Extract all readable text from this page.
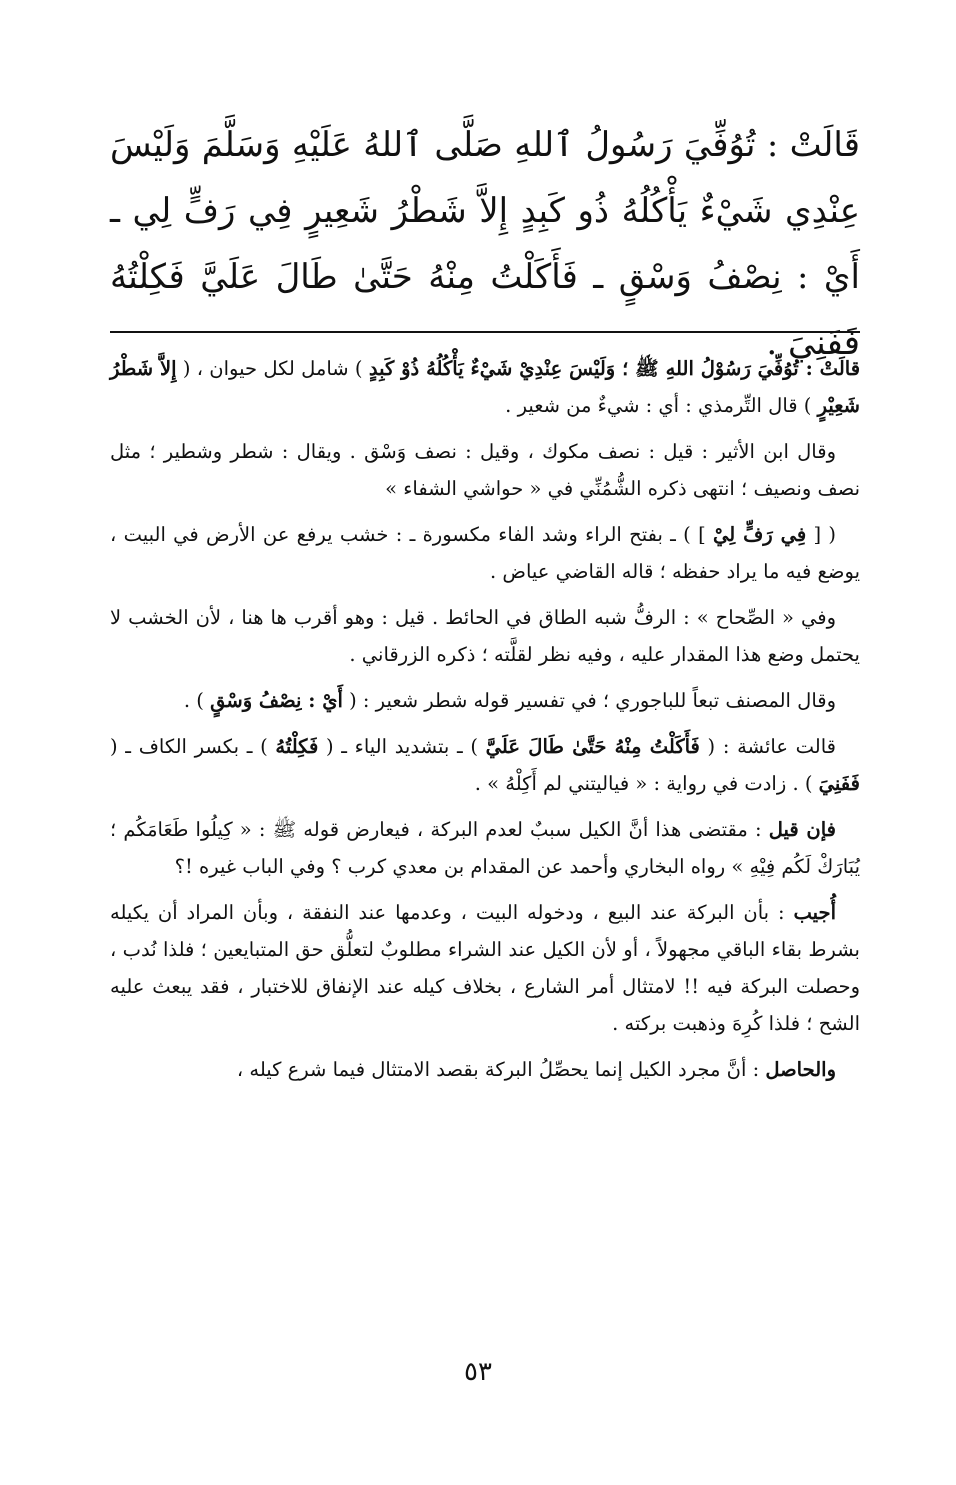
قَالَتْ : تُوُفِّيَ رَسُولُ ٱللهِ صَلَّى ٱللهُ عَلَيْهِ وَسَلَّمَ وَلَيْسَ عِنْدِي شَيْءٌ يَأْكُلُهُ ذُو كَبِدٍ إِلاَّ شَطْرُ شَعِيرٍ فِي رَفٍّ لِي ـ أَيْ : نِصْفُ وَسْقٍ ـ فَأَكَلْتُ مِنْهُ حَتَّىٰ طَالَ عَلَيَّ فَكِلْتُهُ فَفَنِيَ .

قالَتْ : تُوُفِّيَ رَسُوْلُ اللهِ ﷺ ؛ وَلَيْسَ عِنْدِيْ شَيْءٌ يَأْكُلُهُ ذُوْ كَبِدٍ ) شامل لكل حيوان ، ( إِلاَّ شَطْرُ شَعِيْرٍ ) قال التِّرمذي : أي : شيءٌ من شعير .

وقال ابن الأثير : قيل : نصف مكوك ، وقيل : نصف وَسْق . ويقال : شطر وشطير ؛ مثل نصف ونصيف ؛ انتهى ذكره الشُّمُنِّي في « حواشي الشفاء »

( [ فِي رَفٍّ لِيْ ] ) ـ بفتح الراء وشد الفاء مكسورة ـ : خشب يرفع عن الأرض في البيت ، يوضع فيه ما يراد حفظه ؛ قاله القاضي عياض .

وفي « الصِّحاح » : الرفُّ شبه الطاق في الحائط . قيل : وهو أقرب ها هنا ، لأن الخشب لا يحتمل وضع هذا المقدار عليه ، وفيه نظر لقلَّته ؛ ذكره الزرقاني .

وقال المصنف تبعاً للباجوري ؛ في تفسير قوله شطر شعير : ( أَيْ : نِصْفُ وَسْقٍ ) .

قالت عائشة : ( فَأَكَلْتُ مِنْهُ حَتَّىٰ طَالَ عَلَيَّ ) ـ بتشديد الياء ـ ( فَكِلْتُهُ ) ـ بكسر الكاف ـ ( فَفَنِيَ ) . زادت في رواية : « فياليتني لم أَكِلْهُ » .

فإن قيل : مقتضى هذا أنَّ الكيل سببٌ لعدم البركة ، فيعارض قوله ﷺ : « كِيلُوا طَعَامَكُم ؛ يُبَارَكْ لَكُم فِيْهِ » رواه البخاري وأحمد عن المقدام بن معدي كرب ؟ وفي الباب غيره !؟

أُجيب : بأن البركة عند البيع ، ودخوله البيت ، وعدمها عند النفقة ، وبأن المراد أن يكيله بشرط بقاء الباقي مجهولاً ، أو لأن الكيل عند الشراء مطلوبٌ لتعلُّق حق المتبايعين ؛ فلذا نُدب ، وحصلت البركة فيه !! لامتثال أمر الشارع ، بخلاف كيله عند الإنفاق للاختبار ، فقد يبعث عليه الشح ؛ فلذا كُرِهَ وذهبت بركته .

والحاصل : أنَّ مجرد الكيل إنما يحصِّلُ البركة بقصد الامتثال فيما شرع كيله ،

٥٣
